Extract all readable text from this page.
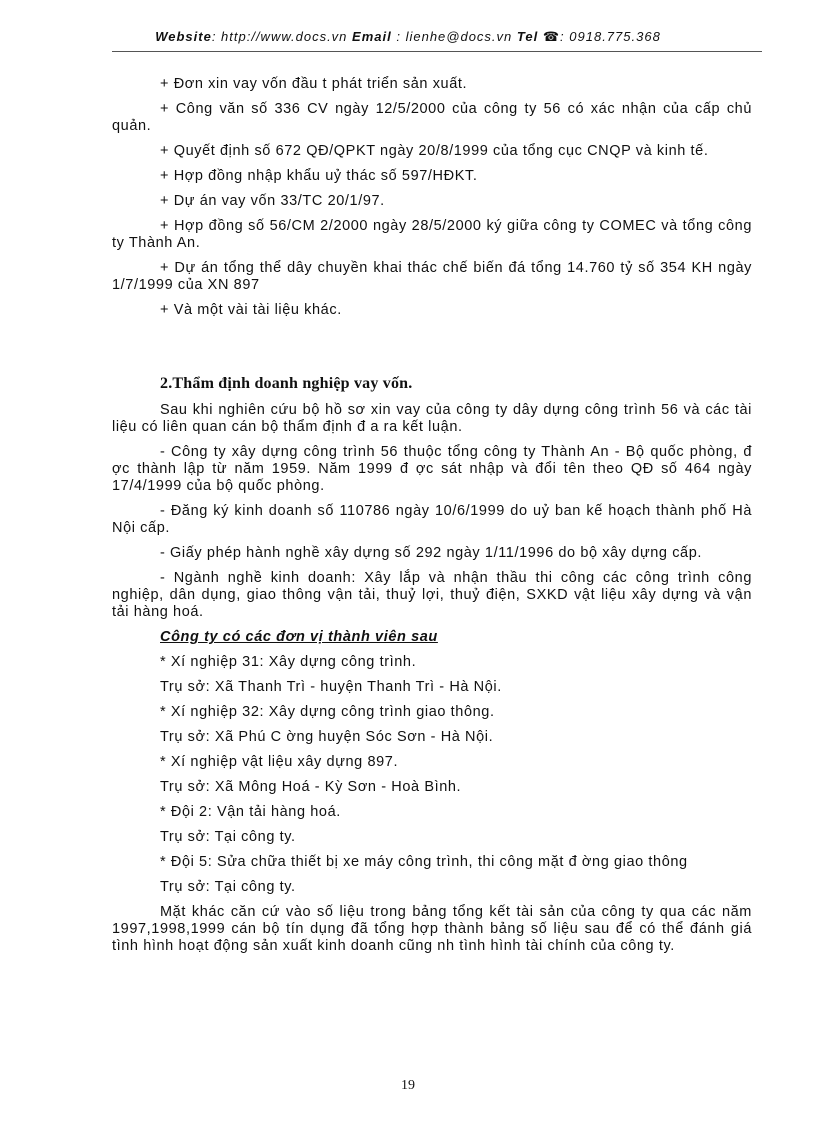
Website: http://www.docs.vn Email : lienhe@docs.vn Tel ☎: 0918.775.368

+ Đơn xin vay vốn đầu t phát triển sản xuất.

+ Công văn số 336 CV ngày 12/5/2000 của công ty 56 có xác nhận của cấp chủ quản.

+ Quyết định số 672 QĐ/QPKT ngày 20/8/1999 của tổng cục CNQP và kinh tế.

+ Hợp đồng nhập khẩu uỷ thác số 597/HĐKT.

+ Dự án vay vốn 33/TC 20/1/97.

+ Hợp đồng số 56/CM 2/2000 ngày 28/5/2000 ký giữa công ty COMEC và tổng công ty Thành An.

+ Dự án tổng thể dây chuyền khai thác chế biến đá tổng 14.760 tỷ số 354 KH ngày 1/7/1999 của XN 897

+ Và một vài tài liệu khác.

2.Thẩm định doanh nghiệp vay vốn.

Sau khi nghiên cứu bộ hồ sơ xin vay của công ty dây dựng công trình 56 và các tài liệu có liên quan cán bộ thẩm định đ a ra kết luận.

- Công ty xây dựng công trình 56 thuộc tổng công ty Thành An - Bộ quốc phòng, đ ợc thành lập từ năm 1959. Năm 1999 đ ợc sát nhập và đổi tên theo QĐ số 464 ngày 17/4/1999 của bộ quốc phòng.

- Đăng ký kinh doanh số 110786 ngày 10/6/1999 do uỷ ban kế hoạch thành phố Hà Nội cấp.

- Giấy phép hành nghề xây dựng số 292 ngày 1/11/1996 do bộ xây dựng cấp.

- Ngành nghề kinh doanh: Xây lắp và nhận thầu thi công các công trình công nghiệp, dân dụng, giao thông vận tải, thuỷ lợi, thuỷ điện, SXKD vật liệu xây dựng và vận tải hàng hoá.

Công ty có các đơn vị thành viên sau

* Xí nghiệp 31: Xây dựng công trình.

Trụ sở: Xã Thanh Trì - huyện Thanh Trì - Hà Nội.

* Xí nghiệp 32: Xây dựng công trình giao thông.

Trụ sở: Xã Phú C ờng huyện Sóc Sơn - Hà Nội.

* Xí nghiệp vật liệu xây dựng 897.

Trụ sở: Xã Mông Hoá - Kỳ Sơn - Hoà Bình.

* Đội 2: Vận tải hàng hoá.

Trụ sở: Tại công ty.

* Đội 5: Sửa chữa thiết bị xe máy công trình, thi công mặt đ ờng giao thông

Trụ sở: Tại công ty.

Mặt khác căn cứ vào số liệu trong bảng tổng kết tài sản của công ty qua các năm 1997,1998,1999 cán bộ tín dụng đã tổng hợp thành bảng số liệu sau để có thể đánh giá tình hình hoạt động sản xuất kinh doanh cũng nh tình hình tài chính của công ty.

19
